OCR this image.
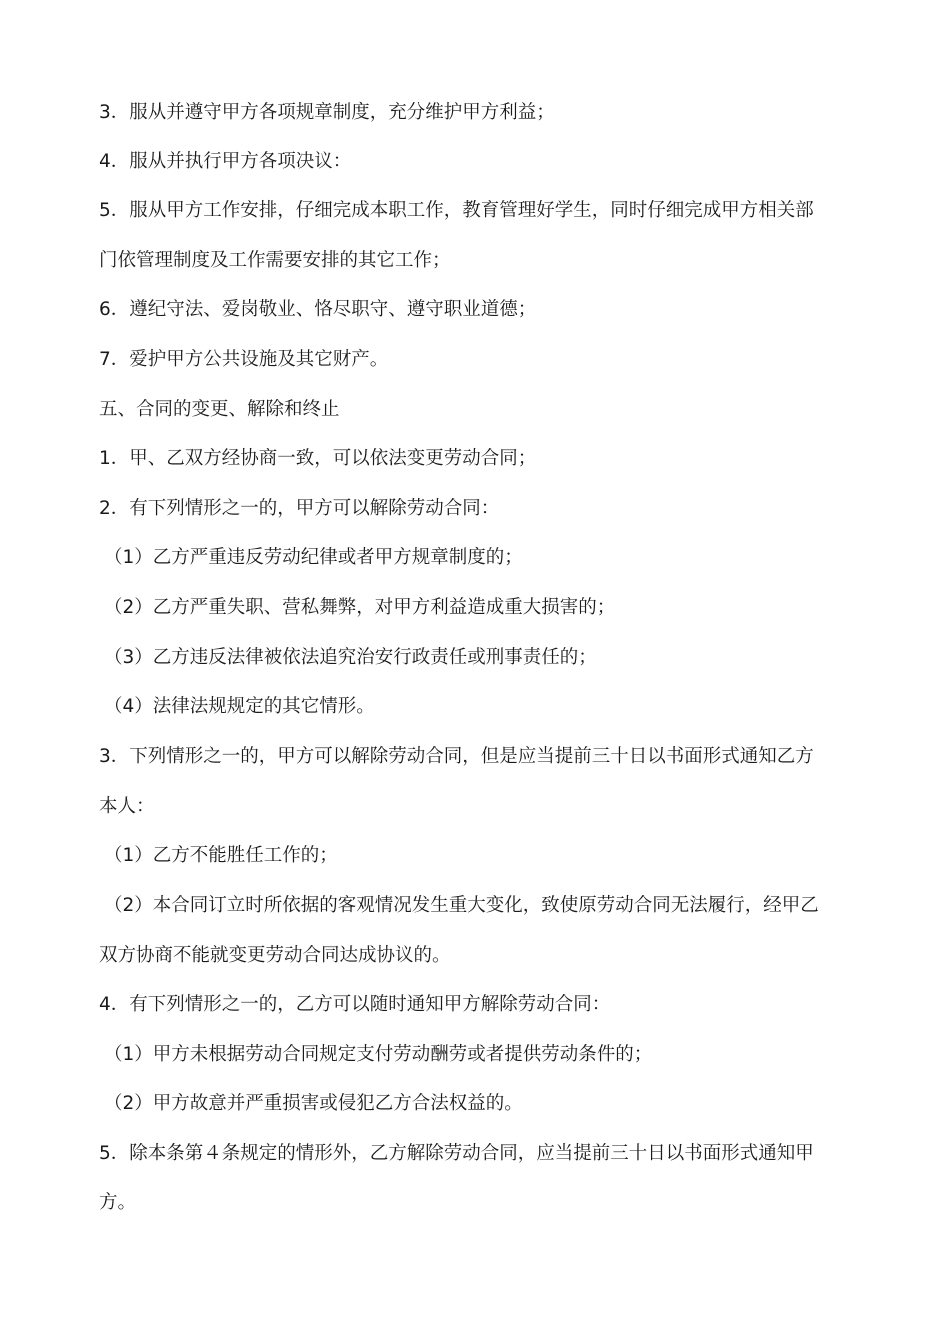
3．服从并遵守甲方各项规章制度，充分维护甲方利益；
4．服从并执行甲方各项决议：
5．服从甲方工作安排，仔细完成本职工作，教育管理好学生，同时仔细完成甲方相关部
门依管理制度及工作需要安排的其它工作；
6．遵纪守法、爱岗敬业、恪尽职守、遵守职业道德；
7．爱护甲方公共设施及其它财产。
五、合同的变更、解除和终止
1．甲、乙双方经协商一致，可以依法变更劳动合同；
2．有下列情形之一的，甲方可以解除劳动合同：
（1）乙方严重违反劳动纪律或者甲方规章制度的；
（2）乙方严重失职、营私舞弊，对甲方利益造成重大损害的；
（3）乙方违反法律被依法追究治安行政责任或刑事责任的；
（4）法律法规规定的其它情形。
3．下列情形之一的，甲方可以解除劳动合同，但是应当提前三十日以书面形式通知乙方
本人：
（1）乙方不能胜任工作的；
（2）本合同订立时所依据的客观情况发生重大变化，致使原劳动合同无法履行，经甲乙
双方协商不能就变更劳动合同达成协议的。
4．有下列情形之一的，乙方可以随时通知甲方解除劳动合同：
（1）甲方未根据劳动合同规定支付劳动酬劳或者提供劳动条件的；
（2）甲方故意并严重损害或侵犯乙方合法权益的。
5．除本条第４条规定的情形外，乙方解除劳动合同，应当提前三十日以书面形式通知甲
方。
